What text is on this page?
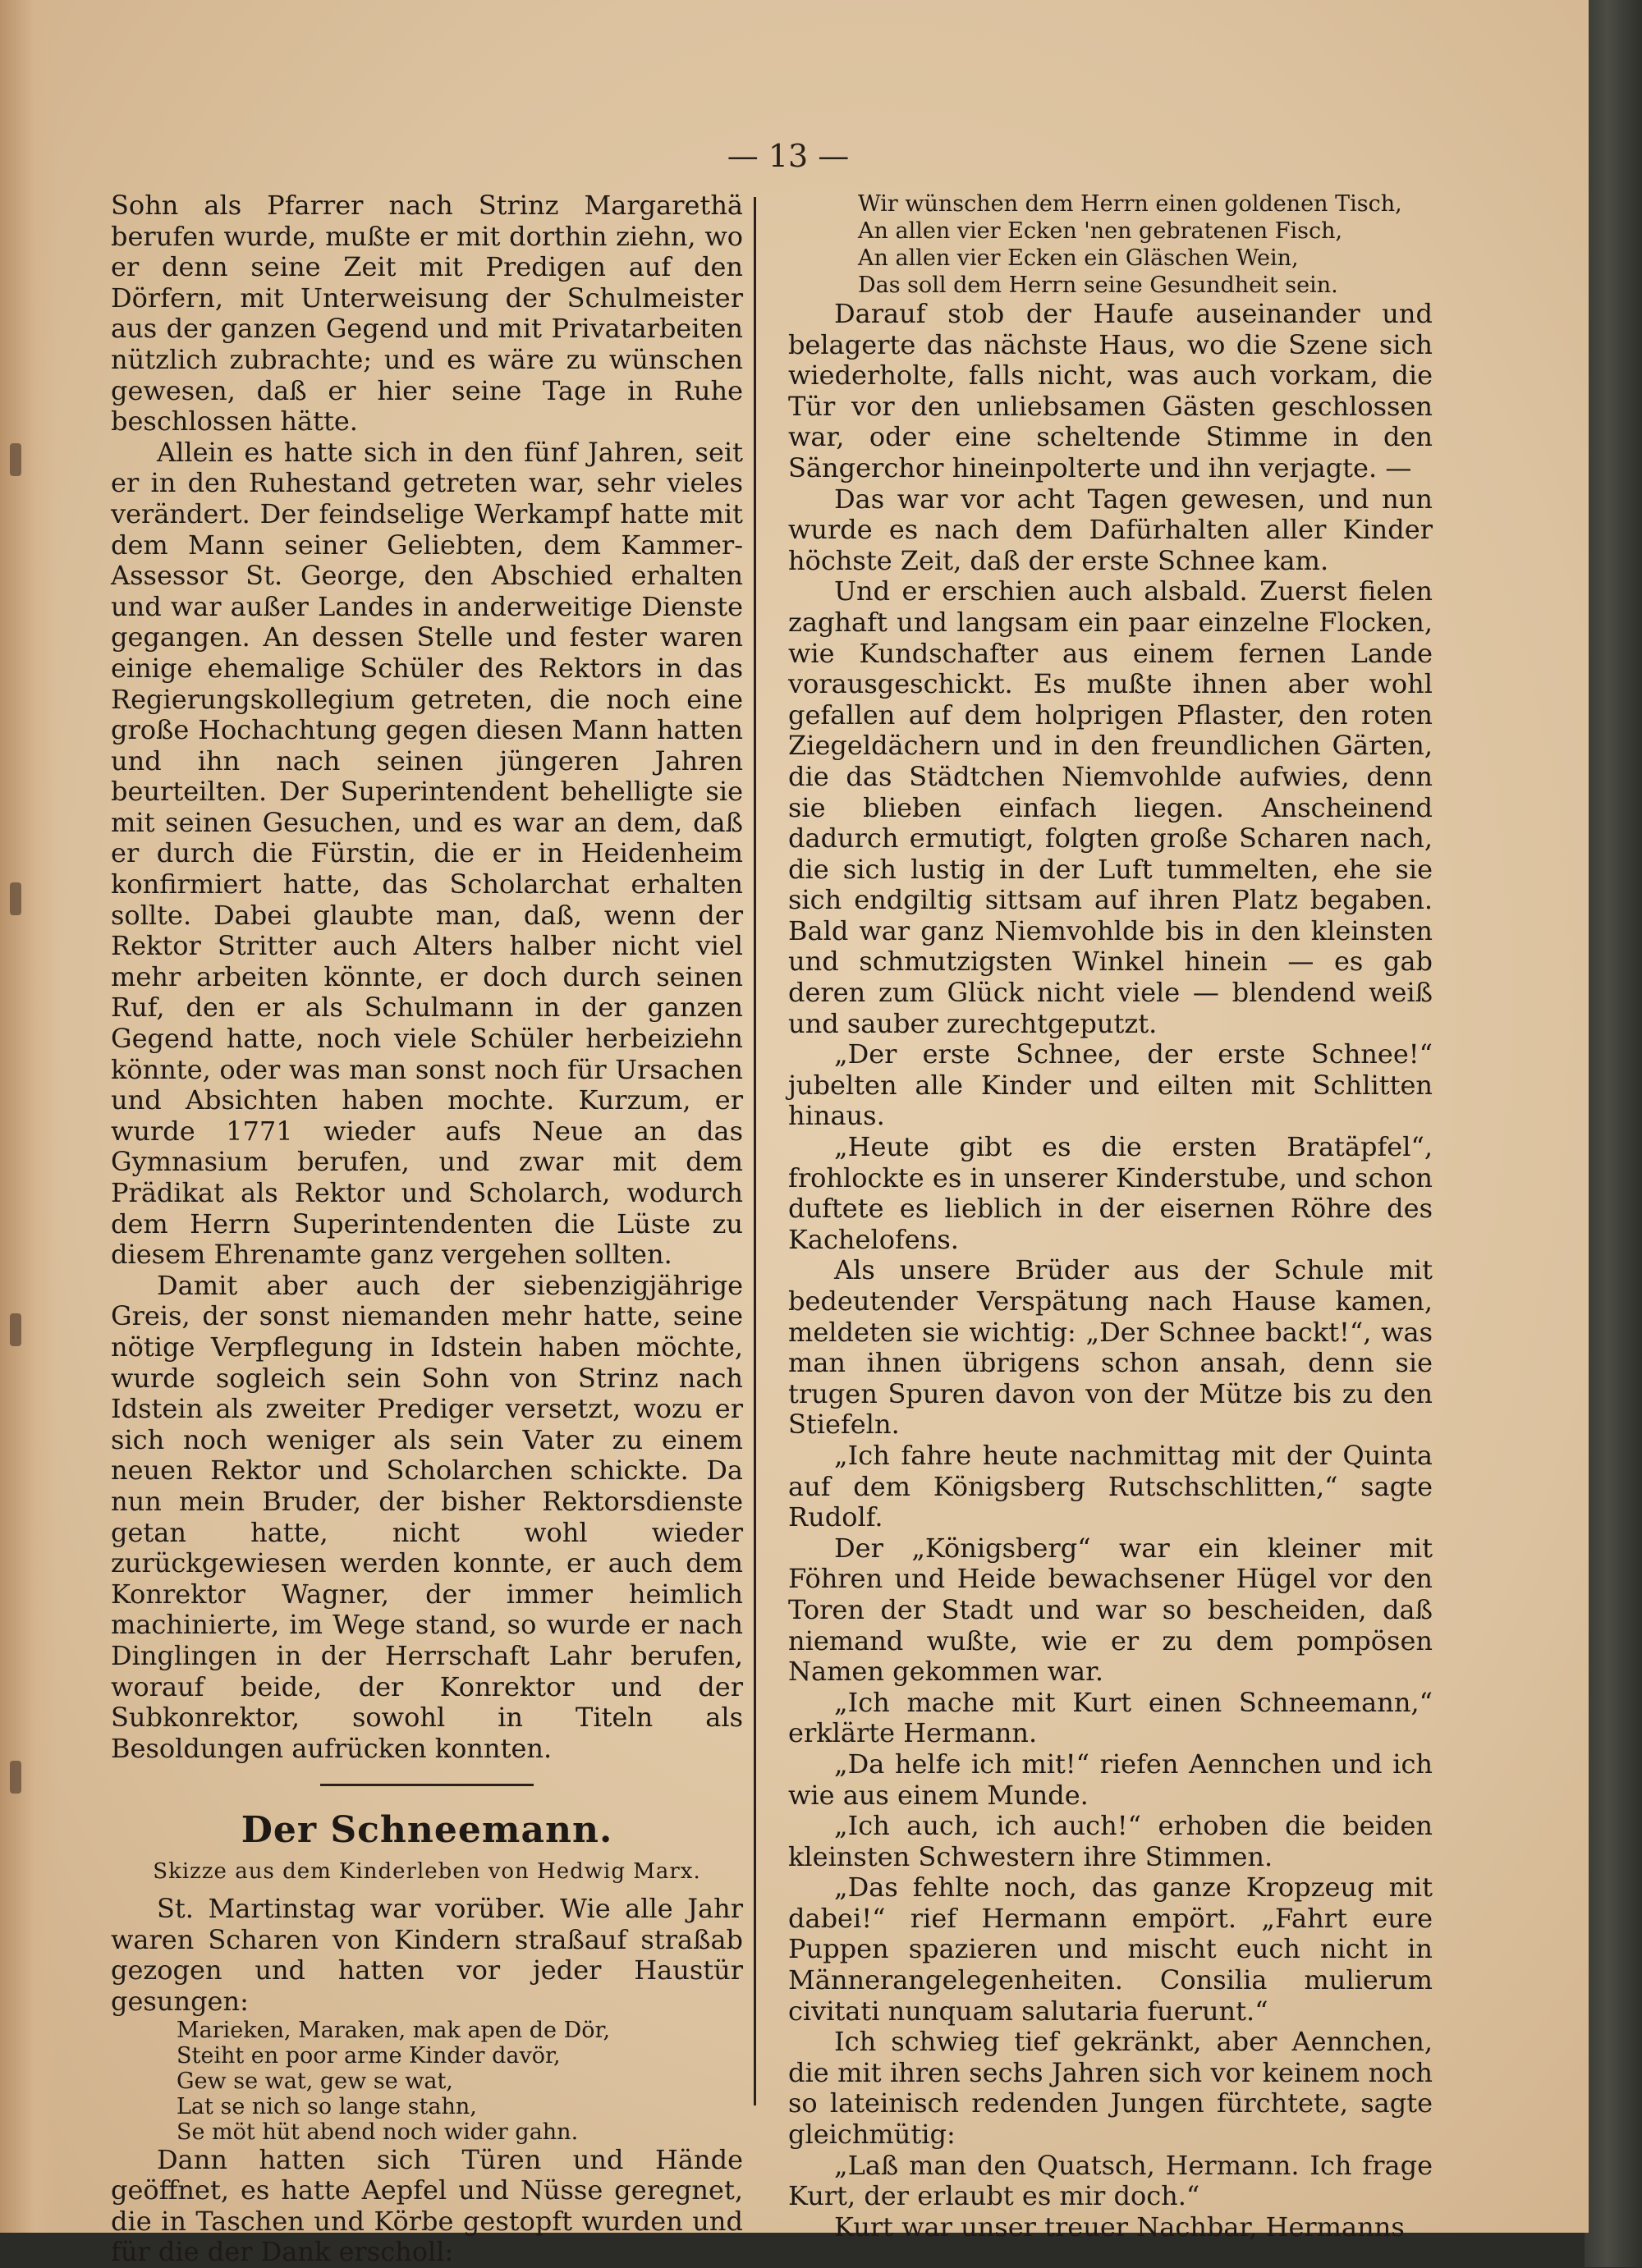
— 13 —

Sohn als Pfarrer nach Strinz Margarethä berufen wurde, mußte er mit dorthin ziehn, wo er denn seine Zeit mit Predigen auf den Dörfern, mit Unterweisung der Schulmeister aus der ganzen Gegend und mit Privatarbeiten nützlich zubrachte; und es wäre zu wünschen gewesen, daß er hier seine Tage in Ruhe beschlossen hätte.

Allein es hatte sich in den fünf Jahren, seit er in den Ruhestand getreten war, sehr vieles verändert. Der feindselige Werkampf hatte mit dem Mann seiner Geliebten, dem Kammer-Assessor St. George, den Abschied erhalten und war außer Landes in anderweitige Dienste gegangen. An dessen Stelle und fester waren einige ehemalige Schüler des Rektors in das Regierungskollegium getreten, die noch eine große Hochachtung gegen diesen Mann hatten und ihn nach seinen jüngeren Jahren beurteilten. Der Superintendent behelligte sie mit seinen Gesuchen, und es war an dem, daß er durch die Fürstin, die er in Heidenheim konfirmiert hatte, das Scholarchat erhalten sollte. Dabei glaubte man, daß, wenn der Rektor Stritter auch Alters halber nicht viel mehr arbeiten könnte, er doch durch seinen Ruf, den er als Schulmann in der ganzen Gegend hatte, noch viele Schüler herbeiziehn könnte, oder was man sonst noch für Ursachen und Absichten haben mochte. Kurzum, er wurde 1771 wieder aufs Neue an das Gymnasium berufen, und zwar mit dem Prädikat als Rektor und Scholarch, wodurch dem Herrn Superintendenten die Lüste zu diesem Ehrenamte ganz vergehen sollten.

Damit aber auch der siebenzigjährige Greis, der sonst niemanden mehr hatte, seine nötige Verpflegung in Idstein haben möchte, wurde sogleich sein Sohn von Strinz nach Idstein als zweiter Prediger versetzt, wozu er sich noch weniger als sein Vater zu einem neuen Rektor und Scholarchen schickte. Da nun mein Bruder, der bisher Rektorsdienste getan hatte, nicht wohl wieder zurückgewiesen werden konnte, er auch dem Konrektor Wagner, der immer heimlich machinierte, im Wege stand, so wurde er nach Dinglingen in der Herrschaft Lahr berufen, worauf beide, der Konrektor und der Subkonrektor, sowohl in Titeln als Besoldungen aufrücken konnten.

Der Schneemann.
Skizze aus dem Kinderleben von Hedwig Marx.

St. Martinstag war vorüber. Wie alle Jahr waren Scharen von Kindern straßauf straßab gezogen und hatten vor jeder Haustür gesungen:

Marieken, Maraken, mak apen de Dör,
Steiht en poor arme Kinder davör,
Gew se wat, gew se wat,
Lat se nich so lange stahn,
Se möt hüt abend noch wider gahn.

Dann hatten sich Türen und Hände geöffnet, es hatte Aepfel und Nüsse geregnet, die in Taschen und Körbe gestopft wurden und für die der Dank erscholl:

Wir wünschen dem Herrn einen goldenen Tisch,
An allen vier Ecken 'nen gebratenen Fisch,
An allen vier Ecken ein Gläschen Wein,
Das soll dem Herrn seine Gesundheit sein.

Darauf stob der Haufe auseinander und belagerte das nächste Haus, wo die Szene sich wiederholte, falls nicht, was auch vorkam, die Tür vor den unliebsamen Gästen geschlossen war, oder eine scheltende Stimme in den Sängerchor hineinpolterte und ihn verjagte. —

Das war vor acht Tagen gewesen, und nun wurde es nach dem Dafürhalten aller Kinder höchste Zeit, daß der erste Schnee kam.

Und er erschien auch alsbald. Zuerst fielen zaghaft und langsam ein paar einzelne Flocken, wie Kundschafter aus einem fernen Lande vorausgeschickt. Es mußte ihnen aber wohl gefallen auf dem holprigen Pflaster, den roten Ziegeldächern und in den freundlichen Gärten, die das Städtchen Niemvohlde aufwies, denn sie blieben einfach liegen. Anscheinend dadurch ermutigt, folgten große Scharen nach, die sich lustig in der Luft tummelten, ehe sie sich endgiltig sittsam auf ihren Platz begaben. Bald war ganz Niemvohlde bis in den kleinsten und schmutzigsten Winkel hinein — es gab deren zum Glück nicht viele — blendend weiß und sauber zurechtgeputzt.

„Der erste Schnee, der erste Schnee!“ jubelten alle Kinder und eilten mit Schlitten hinaus.

„Heute gibt es die ersten Bratäpfel“, frohlockte es in unserer Kinderstube, und schon duftete es lieblich in der eisernen Röhre des Kachelofens.

Als unsere Brüder aus der Schule mit bedeutender Verspätung nach Hause kamen, meldeten sie wichtig: „Der Schnee backt!“, was man ihnen übrigens schon ansah, denn sie trugen Spuren davon von der Mütze bis zu den Stiefeln.

„Ich fahre heute nachmittag mit der Quinta auf dem Königsberg Rutschschlitten,“ sagte Rudolf.

Der „Königsberg“ war ein kleiner mit Föhren und Heide bewachsener Hügel vor den Toren der Stadt und war so bescheiden, daß niemand wußte, wie er zu dem pompösen Namen gekommen war.

„Ich mache mit Kurt einen Schneemann,“ erklärte Hermann.

„Da helfe ich mit!“ riefen Aennchen und ich wie aus einem Munde.

„Ich auch, ich auch!“ erhoben die beiden kleinsten Schwestern ihre Stimmen.

„Das fehlte noch, das ganze Kropzeug mit dabei!“ rief Hermann empört. „Fahrt eure Puppen spazieren und mischt euch nicht in Männerangelegenheiten. Consilia mulierum civitati nunquam salutaria fuerunt.“

Ich schwieg tief gekränkt, aber Aennchen, die mit ihren sechs Jahren sich vor keinem noch so lateinisch redenden Jungen fürchtete, sagte gleichmütig:

„Laß man den Quatsch, Hermann. Ich frage Kurt, der erlaubt es mir doch.“

Kurt war unser treuer Nachbar, Hermanns
